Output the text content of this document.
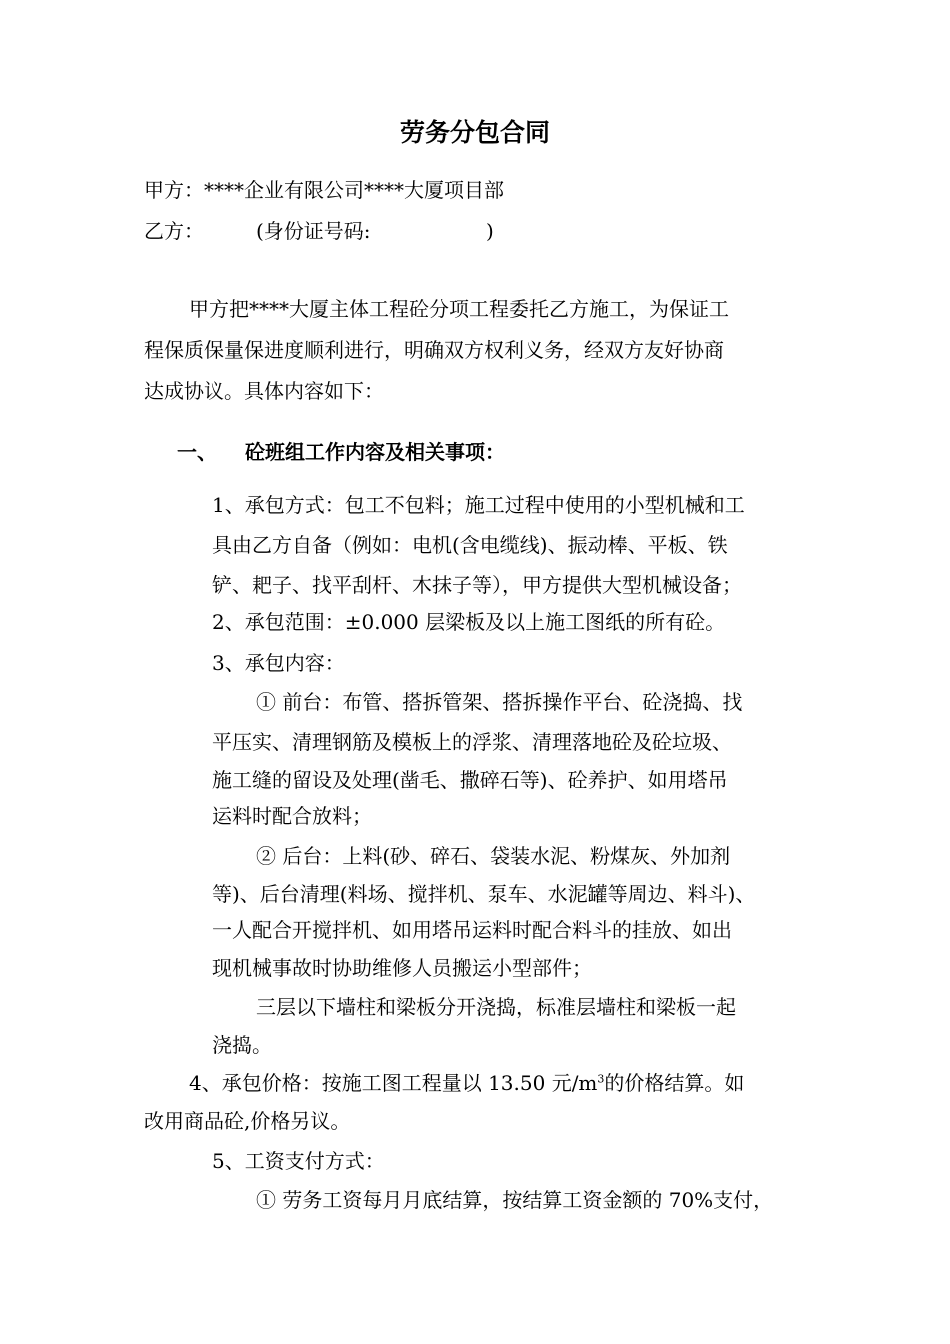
劳务分包合同
甲方：****企业有限公司****大厦项目部
乙方：	(身份证号码:	)
甲方把****大厦主体工程砼分项工程委托乙方施工，为保证工
程保质保量保进度顺利进行，明确双方权利义务，经双方友好协商
达成协议。具体内容如下：
一、 砼班组工作内容及相关事项：
1、承包方式：包工不包料；施工过程中使用的小型机械和工
具由乙方自备（例如：电机(含电缆线)、振动棒、平板、铁
铲、耙子、找平刮杆、木抹子等），甲方提供大型机械设备；
2、承包范围：±0.000 层梁板及以上施工图纸的所有砼。
3、承包内容：
① 前台：布管、搭拆管架、搭拆操作平台、砼浇捣、找
平压实、清理钢筋及模板上的浮浆、清理落地砼及砼垃圾、
施工缝的留设及处理(凿毛、撒碎石等)、砼养护、如用塔吊
运料时配合放料；
② 后台：上料(砂、碎石、袋装水泥、粉煤灰、外加剂
等)、后台清理(料场、搅拌机、泵车、水泥罐等周边、料斗)、
一人配合开搅拌机、如用塔吊运料时配合料斗的挂放、如出
现机械事故时协助维修人员搬运小型部件；
三层以下墙柱和梁板分开浇捣，标准层墙柱和梁板一起
浇捣。
4、承包价格：按施工图工程量以 13.50 元$/m^3$的价格结算。如
改用商品砼,价格另议。
5、工资支付方式：
① 劳务工资每月月底结算，按结算工资金额的 70%支付，
